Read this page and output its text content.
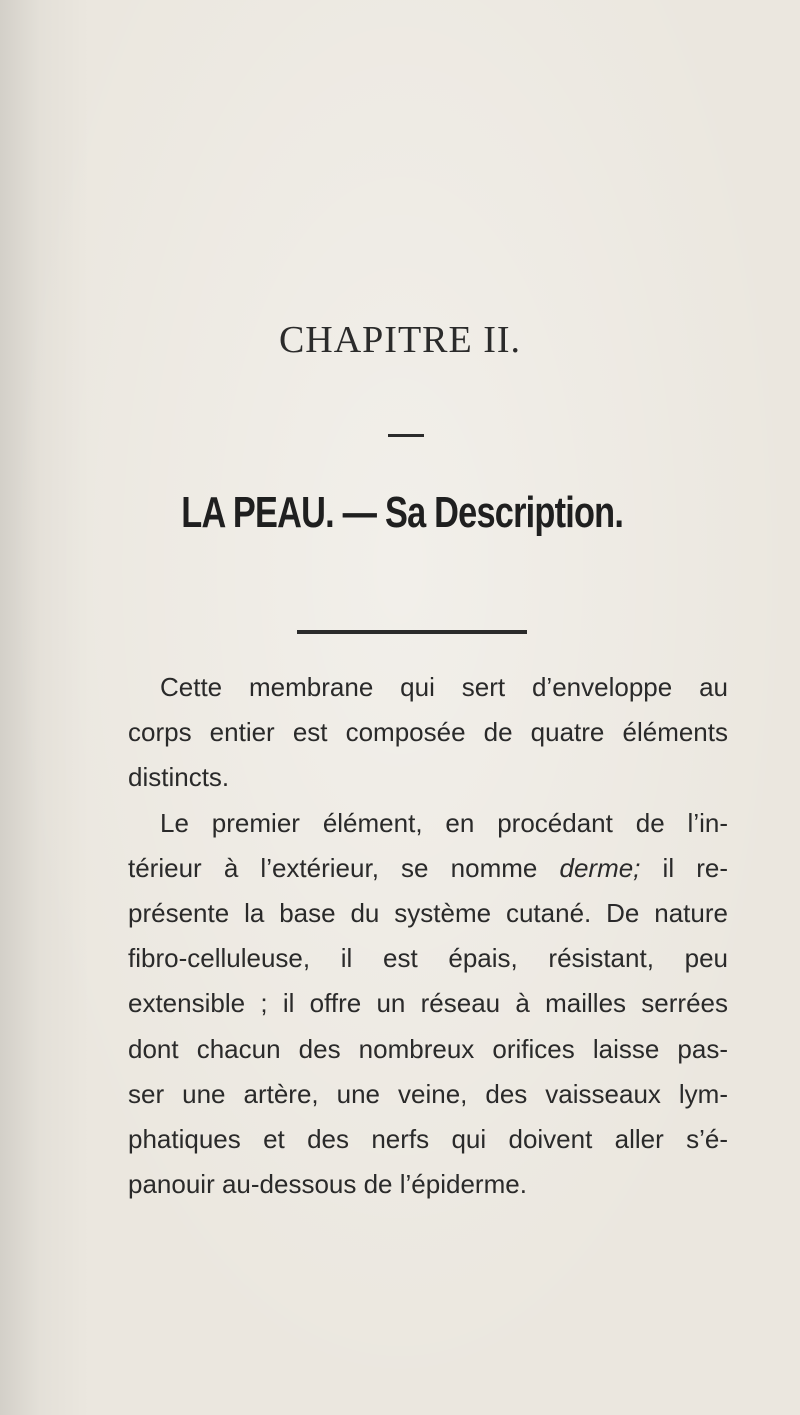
CHAPITRE II.
LA PEAU. — Sa Description.
Cette membrane qui sert d’enveloppe au
corps entier est composée de quatre éléments
distincts.
Le premier élément, en procédant de l’in-
térieur à l’extérieur, se nomme derme; il re-
présente la base du système cutané. De nature
fibro-celluleuse, il est épais, résistant, peu
extensible ; il offre un réseau à mailles serrées
dont chacun des nombreux orifices laisse pas-
ser une artère, une veine, des vaisseaux lym-
phatiques et des nerfs qui doivent aller s’é-
panouir au-dessous de l’épiderme.
